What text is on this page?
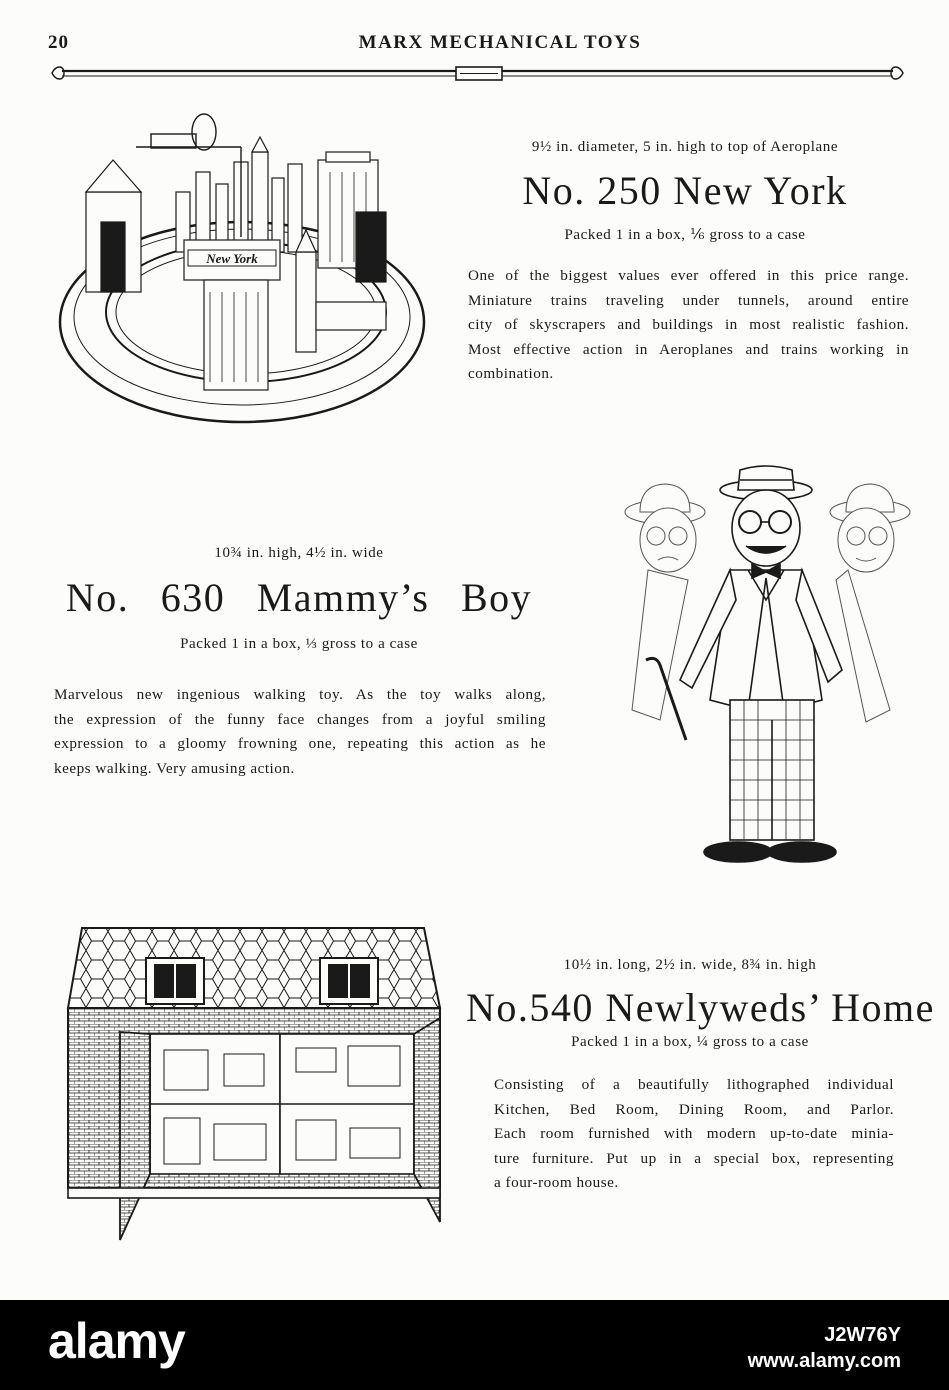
20	MARX MECHANICAL TOYS
New York
9½ in. diameter, 5 in. high to top of Aeroplane
No. 250 New York
Packed 1 in a box, ⅙ gross to a case
One of the biggest values ever offered in this price range.
Miniature trains traveling under tunnels, around entire
city of skyscrapers and buildings in most realistic fashion.
Most effective action in Aeroplanes and trains working in
combination.
10¾ in. high, 4½ in. wide
No. 630 Mammy’s Boy
Packed 1 in a box, ⅓ gross to a case
Marvelous new ingenious walking toy. As the toy walks along,
the expression of the funny face changes from a joyful smiling
expression to a gloomy frowning one, repeating this action as he
keeps walking. Very amusing action.
10½ in. long, 2½ in. wide, 8¾ in. high
No.540 Newlyweds’ Home
Packed 1 in a box, ¼ gross to a case
Consisting of a beautifully lithographed individual
Kitchen, Bed Room, Dining Room, and Parlor.
Each room furnished with modern up-to-date minia-
ture furniture. Put up in a special box, representing
a four-room house.
alamy	J2W76Y
www.alamy.com
